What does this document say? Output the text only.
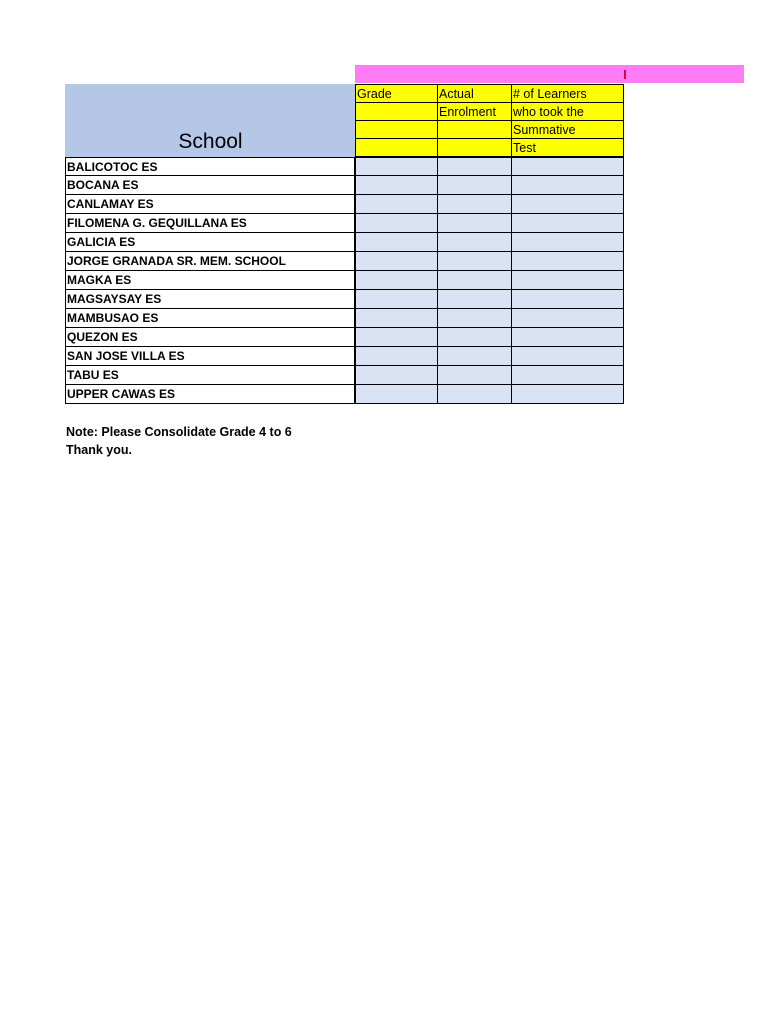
School
Grade	Actual
Enrolment
# of Learners
who took the
Summative
Test
BALICOTOC ES
BOCANA ES
CANLAMAY ES
FILOMENA G. GEQUILLANA ES
GALICIA ES
JORGE GRANADA SR. MEM. SCHOOL
MAGKA ES
MAGSAYSAY ES
MAMBUSAO ES
QUEZON ES
SAN JOSE VILLA ES
TABU ES
UPPER CAWAS ES
Note: Please Consolidate Grade 4 to 6
Thank you.
